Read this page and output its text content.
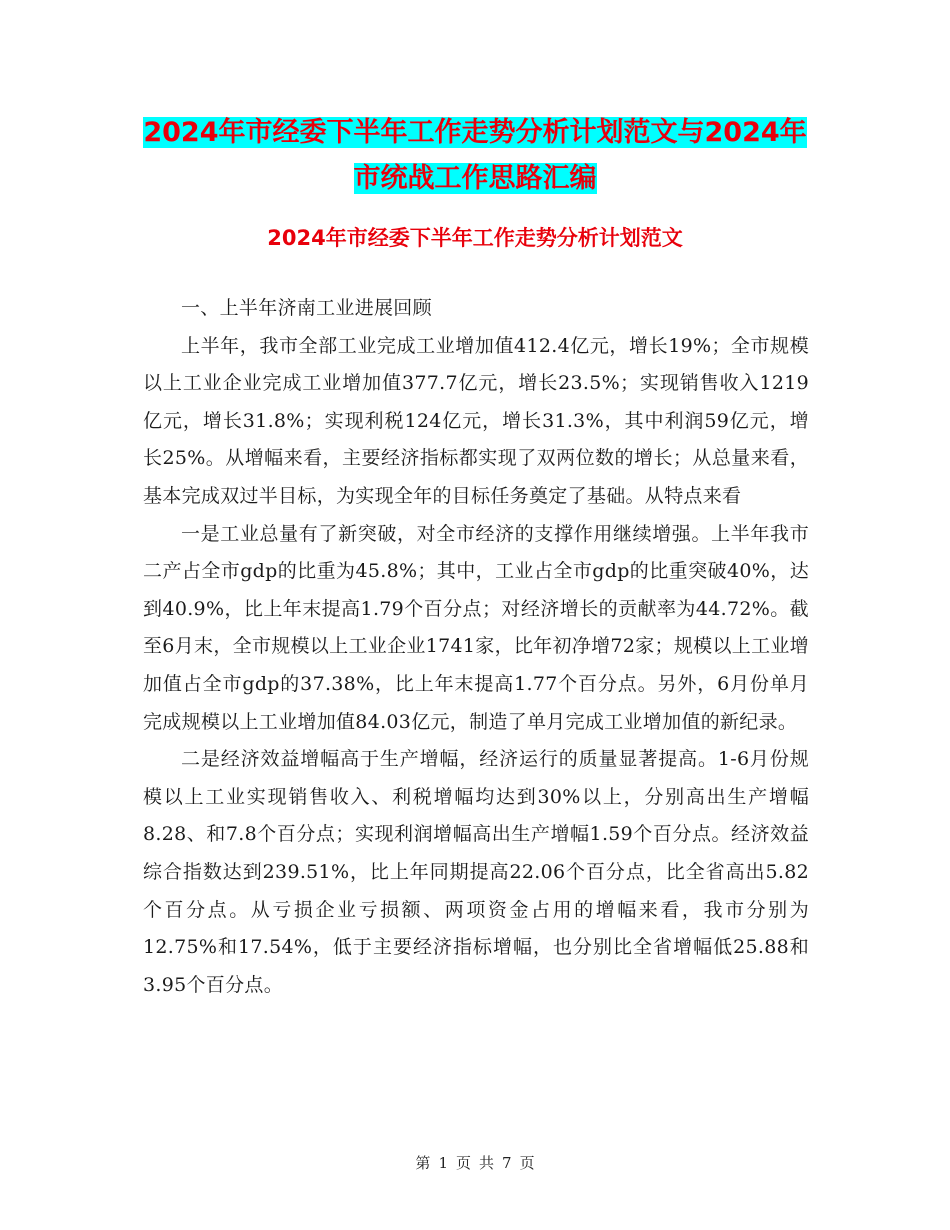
2024年市经委下半年工作走势分析计划范文与2024年
市统战工作思路汇编
2024年市经委下半年工作走势分析计划范文

一、上半年济南工业进展回顾

上半年，我市全部工业完成工业增加值412.4亿元，增长19%；全市规模以上工业企业完成工业增加值377.7亿元，增长23.5%；实现销售收入1219亿元，增长31.8%；实现利税124亿元，增长31.3%，其中利润59亿元，增长25%。从增幅来看，主要经济指标都实现了双两位数的增长；从总量来看，基本完成双过半目标，为实现全年的目标任务奠定了基础。从特点来看

一是工业总量有了新突破，对全市经济的支撑作用继续增强。上半年我市二产占全市gdp的比重为45.8%；其中，工业占全市gdp的比重突破40%，达到40.9%，比上年末提高1.79个百分点；对经济增长的贡献率为44.72%。截至6月末，全市规模以上工业企业1741家，比年初净增72家；规模以上工业增加值占全市gdp的37.38%，比上年末提高1.77个百分点。另外，6月份单月完成规模以上工业增加值84.03亿元，制造了单月完成工业增加值的新纪录。

二是经济效益增幅高于生产增幅，经济运行的质量显著提高。1-6月份规模以上工业实现销售收入、利税增幅均达到30%以上，分别高出生产增幅8.28、和7.8个百分点；实现利润增幅高出生产增幅1.59个百分点。经济效益综合指数达到239.51%，比上年同期提高22.06个百分点，比全省高出5.82个百分点。从亏损企业亏损额、两项资金占用的增幅来看，我市分别为12.75%和17.54%，低于主要经济指标增幅，也分别比全省增幅低25.88和3.95个百分点。

第 1 页 共 7 页
